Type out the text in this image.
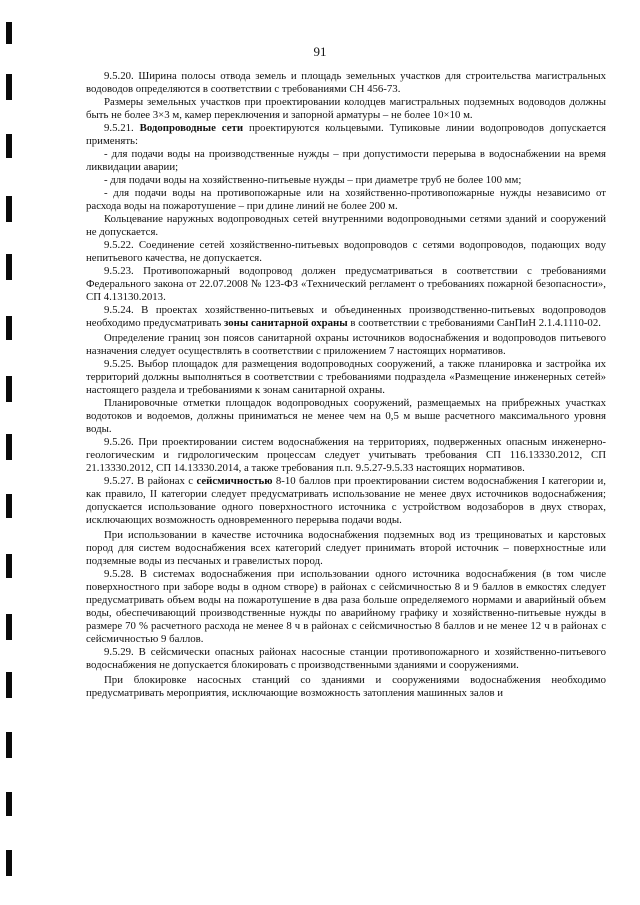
91

9.5.20. Ширина полосы отвода земель и площадь земельных участков для строительства магистральных водоводов определяются в соответствии с требованиями СН 456-73.

Размеры земельных участков при проектировании колодцев магистральных подземных водоводов должны быть не более 3×3 м, камер переключения и запорной арматуры – не более 10×10 м.

9.5.21. Водопроводные сети проектируются кольцевыми. Тупиковые линии водопроводов допускается применять:

- для подачи воды на производственные нужды – при допустимости перерыва в водоснабжении на время ликвидации аварии;

- для подачи воды на хозяйственно-питьевые нужды – при диаметре труб не более 100 мм;

- для подачи воды на противопожарные или на хозяйственно-противопожарные нужды независимо от расхода воды на пожаротушение – при длине линий не более 200 м.

Кольцевание наружных водопроводных сетей внутренними водопроводными сетями зданий и сооружений не допускается.

9.5.22. Соединение сетей хозяйственно-питьевых водопроводов с сетями водопроводов, подающих воду непитьевого качества, не допускается.

9.5.23. Противопожарный водопровод должен предусматриваться в соответствии с требованиями Федерального закона от 22.07.2008 № 123-ФЗ «Технический регламент о требованиях пожарной безопасности», СП 4.13130.2013.

9.5.24. В проектах хозяйственно-питьевых и объединенных производственно-питьевых водопроводов необходимо предусматривать зоны санитарной охраны в соответствии с требованиями СанПиН 2.1.4.1110-02.

Определение границ зон поясов санитарной охраны источников водоснабжения и водопроводов питьевого назначения следует осуществлять в соответствии с приложением 7 настоящих нормативов.

9.5.25. Выбор площадок для размещения водопроводных сооружений, а также планировка и застройка их территорий должны выполняться в соответствии с требованиями подраздела «Размещение инженерных сетей» настоящего раздела и требованиями к зонам санитарной охраны.

Планировочные отметки площадок водопроводных сооружений, размещаемых на прибрежных участках водотоков и водоемов, должны приниматься не менее чем на 0,5 м выше расчетного максимального уровня воды.

9.5.26. При проектировании систем водоснабжения на территориях, подверженных опасным инженерно-геологическим и гидрологическим процессам следует учитывать требования СП 116.13330.2012, СП 21.13330.2012, СП 14.13330.2014, а также требования п.п. 9.5.27-9.5.33 настоящих нормативов.

9.5.27. В районах с сейсмичностью 8-10 баллов при проектировании систем водоснабжения I категории и, как правило, II категории следует предусматривать использование не менее двух источников водоснабжения; допускается использование одного поверхностного источника с устройством водозаборов в двух створах, исключающих возможность одновременного перерыва подачи воды.

При использовании в качестве источника водоснабжения подземных вод из трещиноватых и карстовых пород для систем водоснабжения всех категорий следует принимать второй источник – поверхностные или подземные воды из песчаных и гравелистых пород.

9.5.28. В системах водоснабжения при использовании одного источника водоснабжения (в том числе поверхностного при заборе воды в одном створе) в районах с сейсмичностью 8 и 9 баллов в емкостях следует предусматривать объем воды на пожаротушение в два раза больше определяемого нормами и аварийный объем воды, обеспечивающий производственные нужды по аварийному графику и хозяйственно-питьевые нужды в размере 70 % расчетного расхода не менее 8 ч в районах с сейсмичностью 8 баллов и не менее 12 ч в районах с сейсмичностью 9 баллов.

9.5.29. В сейсмически опасных районах насосные станции противопожарного и хозяйственно-питьевого водоснабжения не допускается блокировать с производственными зданиями и сооружениями.

При блокировке насосных станций со зданиями и сооружениями водоснабжения необходимо предусматривать мероприятия, исключающие возможность затопления машинных залов и
